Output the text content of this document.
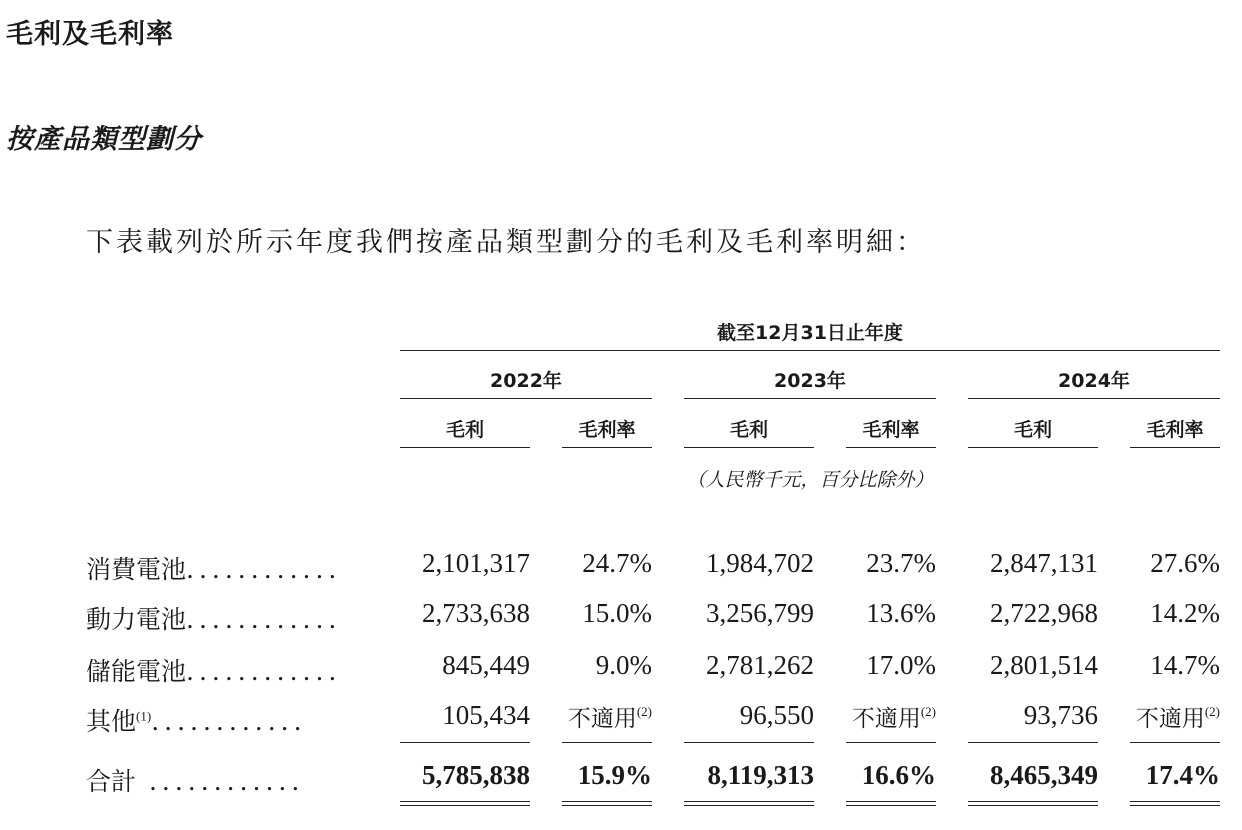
毛利及毛利率
按產品類型劃分
下表載列於所示年度我們按產品類型劃分的毛利及毛利率明細：
截至12月31日止年度
2022年
毛利	毛利率
2023年
毛利	毛利率
2024年
毛利	毛利率
（人民幣千元，百分比除外）
消費電池............	2,101,317	24.7%	1,984,702	23.7%	2,847,131	27.6%
動力電池............	2,733,638	15.0%	3,256,799	13.6%	2,722,968	14.2%
儲能電池............	845,449	9.0%	2,781,262	17.0%	2,801,514	14.7%
其他$^{(1)}$............	105,434	不適用$^{(2)}$	96,550	不適用$^{(2)}$	93,736	不適用$^{(2)}$
合計 ............	5,785,838	15.9%	8,119,313	16.6%	8,465,349	17.4%
